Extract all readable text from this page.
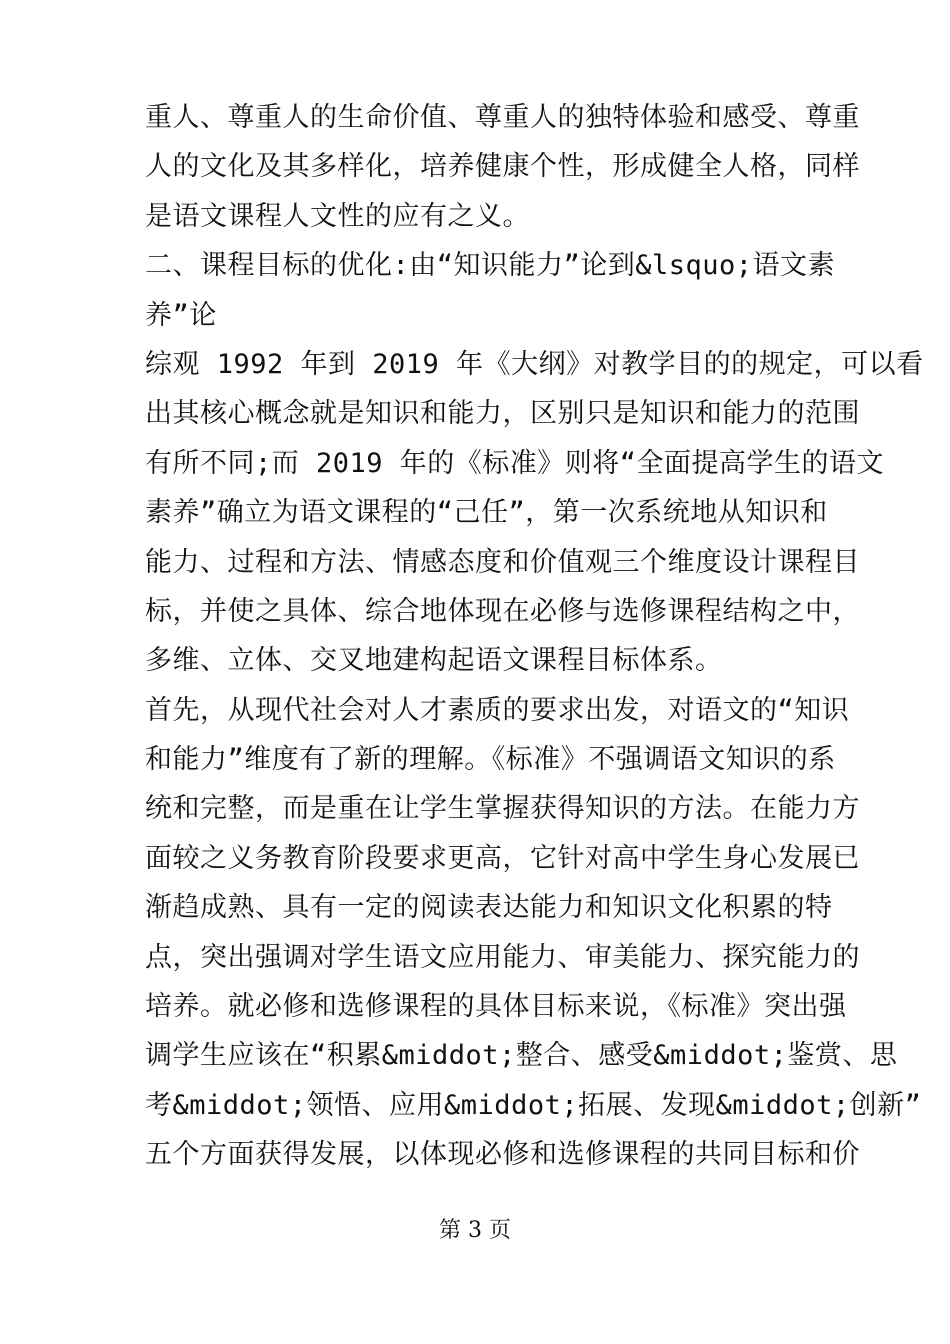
重人、尊重人的生命价值、尊重人的独特体验和感受、尊重
人的文化及其多样化，培养健康个性，形成健全人格，同样
是语文课程人文性的应有之义。
二、课程目标的优化:由“知识能力”论到&lsquo;语文素
养”论
综观 1992 年到 2019 年《大纲》对教学目的的规定，可以看
出其核心概念就是知识和能力，区别只是知识和能力的范围
有所不同;而 2019 年的《标准》则将“全面提高学生的语文
素养”确立为语文课程的“己任”，第一次系统地从知识和
能力、过程和方法、情感态度和价值观三个维度设计课程目
标，并使之具体、综合地体现在必修与选修课程结构之中，
多维、立体、交叉地建构起语文课程目标体系。
首先，从现代社会对人才素质的要求出发，对语文的“知识
和能力”维度有了新的理解。《标准》不强调语文知识的系
统和完整，而是重在让学生掌握获得知识的方法。在能力方
面较之义务教育阶段要求更高，它针对高中学生身心发展已
渐趋成熟、具有一定的阅读表达能力和知识文化积累的特
点，突出强调对学生语文应用能力、审美能力、探究能力的
培养。就必修和选修课程的具体目标来说，《标准》突出强
调学生应该在“积累&middot;整合、感受&middot;鉴赏、思
考&middot;领悟、应用&middot;拓展、发现&middot;创新”
五个方面获得发展，以体现必修和选修课程的共同目标和价
第 3 页
